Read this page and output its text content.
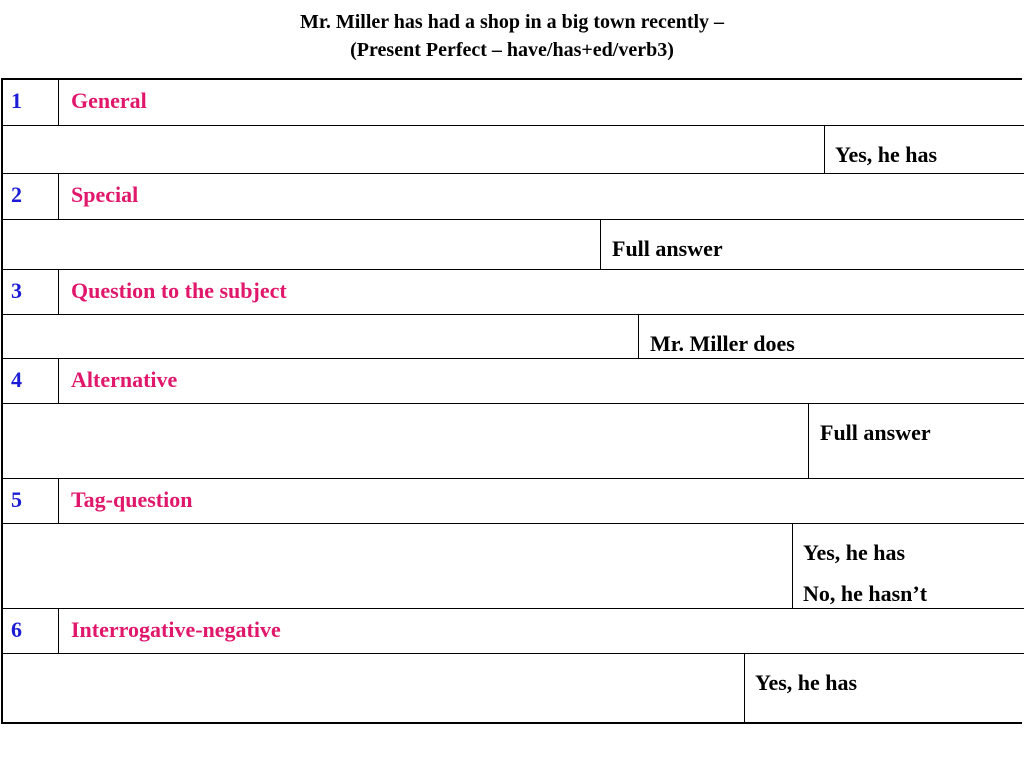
Mr. Miller has had a shop in a big town recently –
(Present Perfect – have/has+ed/verb3)
1	General
Yes, he has
2	Special
Full answer
3	Question to the subject
Mr. Miller does
4	Alternative
Full answer
5	Tag-question
Yes, he has
No, he hasn’t
6	Interrogative-negative
Yes, he has
